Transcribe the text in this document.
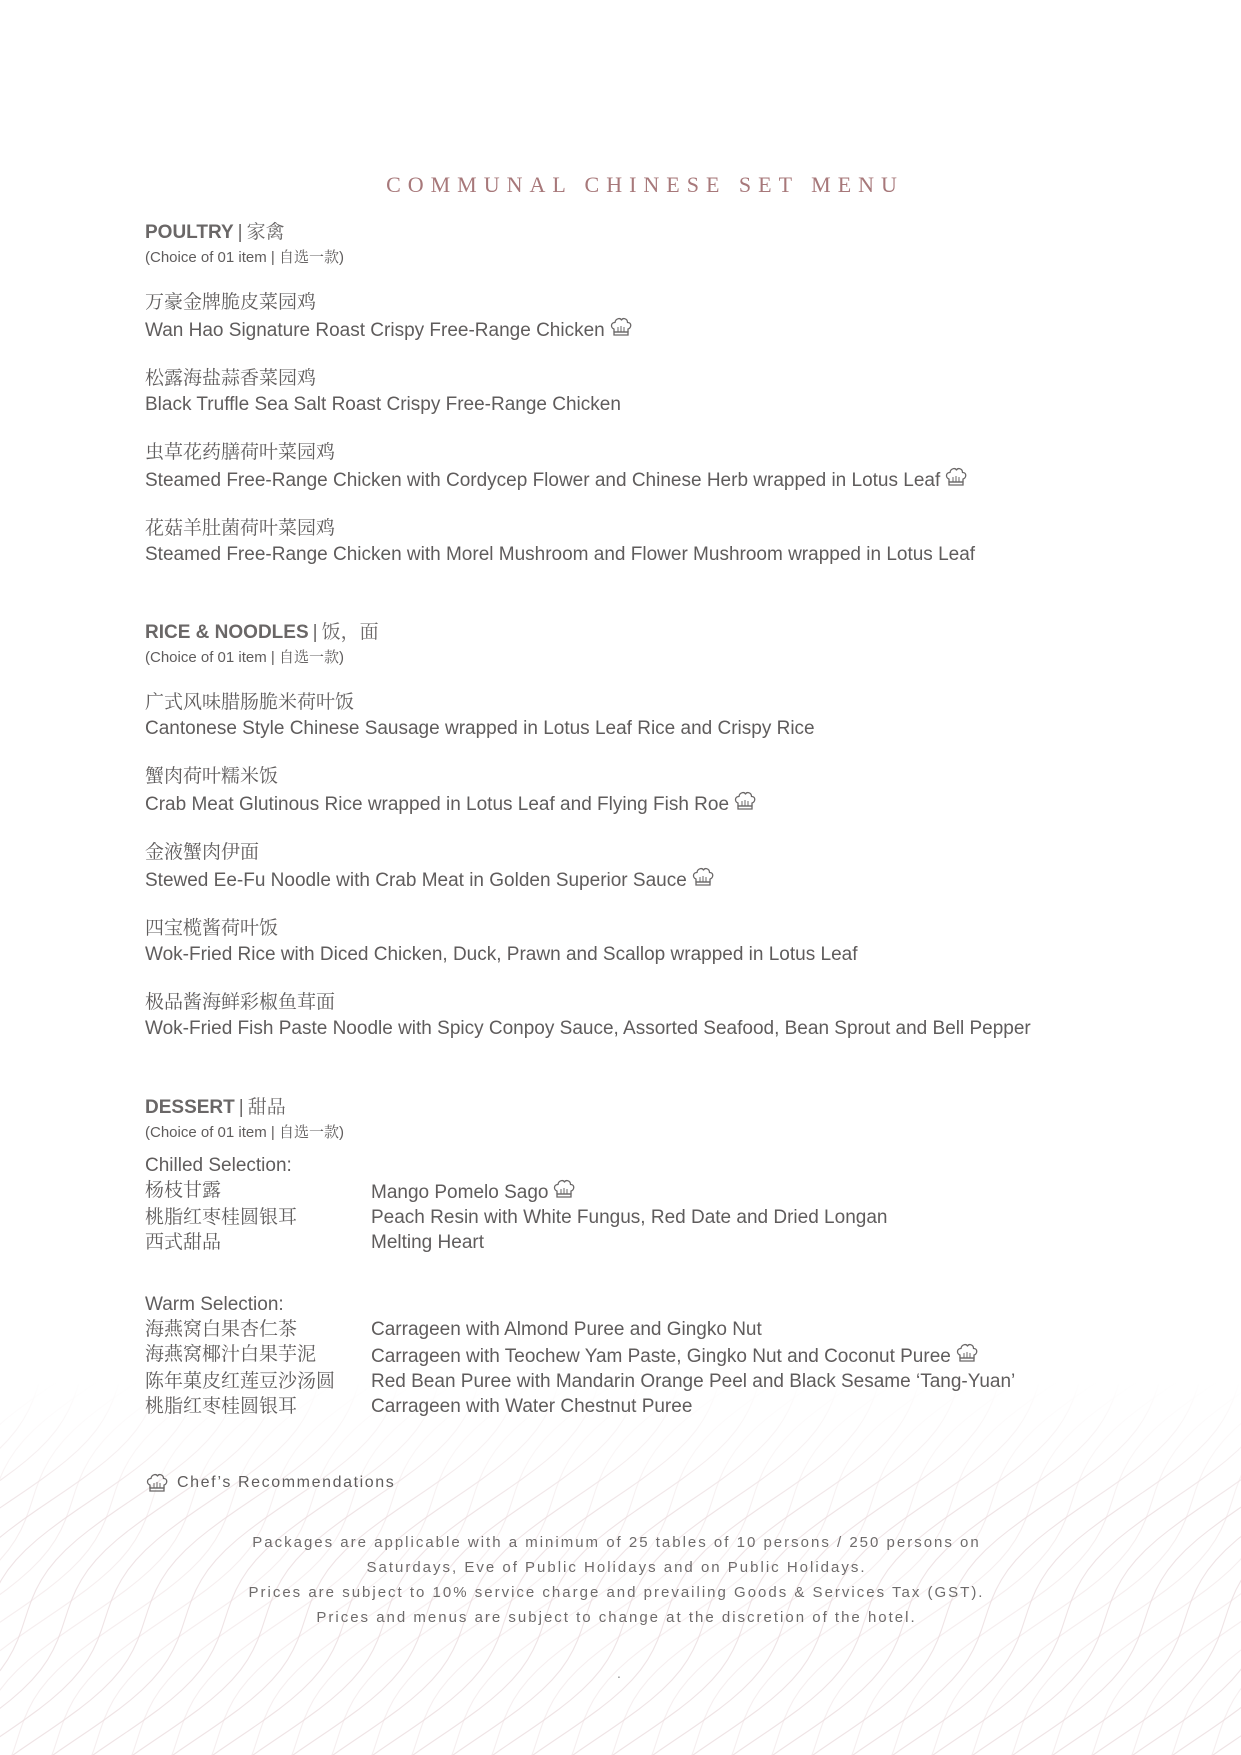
COMMUNAL CHINESE SET MENU
POULTRY | 家禽
(Choice of 01 item | 自选一款)
万豪金牌脆皮菜园鸡
Wan Hao Signature Roast Crispy Free-Range Chicken
松露海盐蒜香菜园鸡
Black Truffle Sea Salt Roast Crispy Free-Range Chicken
虫草花药膳荷叶菜园鸡
Steamed Free-Range Chicken with Cordycep Flower and Chinese Herb wrapped in Lotus Leaf
花菇羊肚菌荷叶菜园鸡
Steamed Free-Range Chicken with Morel Mushroom and Flower Mushroom wrapped in Lotus Leaf
RICE & NOODLES | 饭，面
(Choice of 01 item | 自选一款)
广式风味腊肠脆米荷叶饭
Cantonese Style Chinese Sausage wrapped in Lotus Leaf Rice and Crispy Rice
蟹肉荷叶糯米饭
Crab Meat Glutinous Rice wrapped in Lotus Leaf and Flying Fish Roe
金液蟹肉伊面
Stewed Ee-Fu Noodle with Crab Meat in Golden Superior Sauce
四宝榄酱荷叶饭
Wok-Fried Rice with Diced Chicken, Duck, Prawn and Scallop wrapped in Lotus Leaf
极品酱海鲜彩椒鱼茸面
Wok-Fried Fish Paste Noodle with Spicy Conpoy Sauce, Assorted Seafood, Bean Sprout and Bell Pepper
DESSERT | 甜品
(Choice of 01 item | 自选一款)
Chilled Selection:
杨枝甘露	Mango Pomelo Sago
桃脂红枣桂圆银耳	Peach Resin with White Fungus, Red Date and Dried Longan
西式甜品	Melting Heart
Warm Selection:
海燕窝白果杏仁茶	Carrageen with Almond Puree and Gingko Nut
海燕窝椰汁白果芋泥	Carrageen with Teochew Yam Paste, Gingko Nut and Coconut Puree
陈年菓皮红莲豆沙汤圆	Red Bean Puree with Mandarin Orange Peel and Black Sesame ‘Tang-Yuan’
桃脂红枣桂圆银耳	Carrageen with Water Chestnut Puree
Chef’s Recommendations
Packages are applicable with a minimum of 25 tables of 10 persons / 250 persons on
Saturdays, Eve of Public Holidays and on Public Holidays.
Prices are subject to 10% service charge and prevailing Goods & Services Tax (GST).
Prices and menus are subject to change at the discretion of the hotel.
.
